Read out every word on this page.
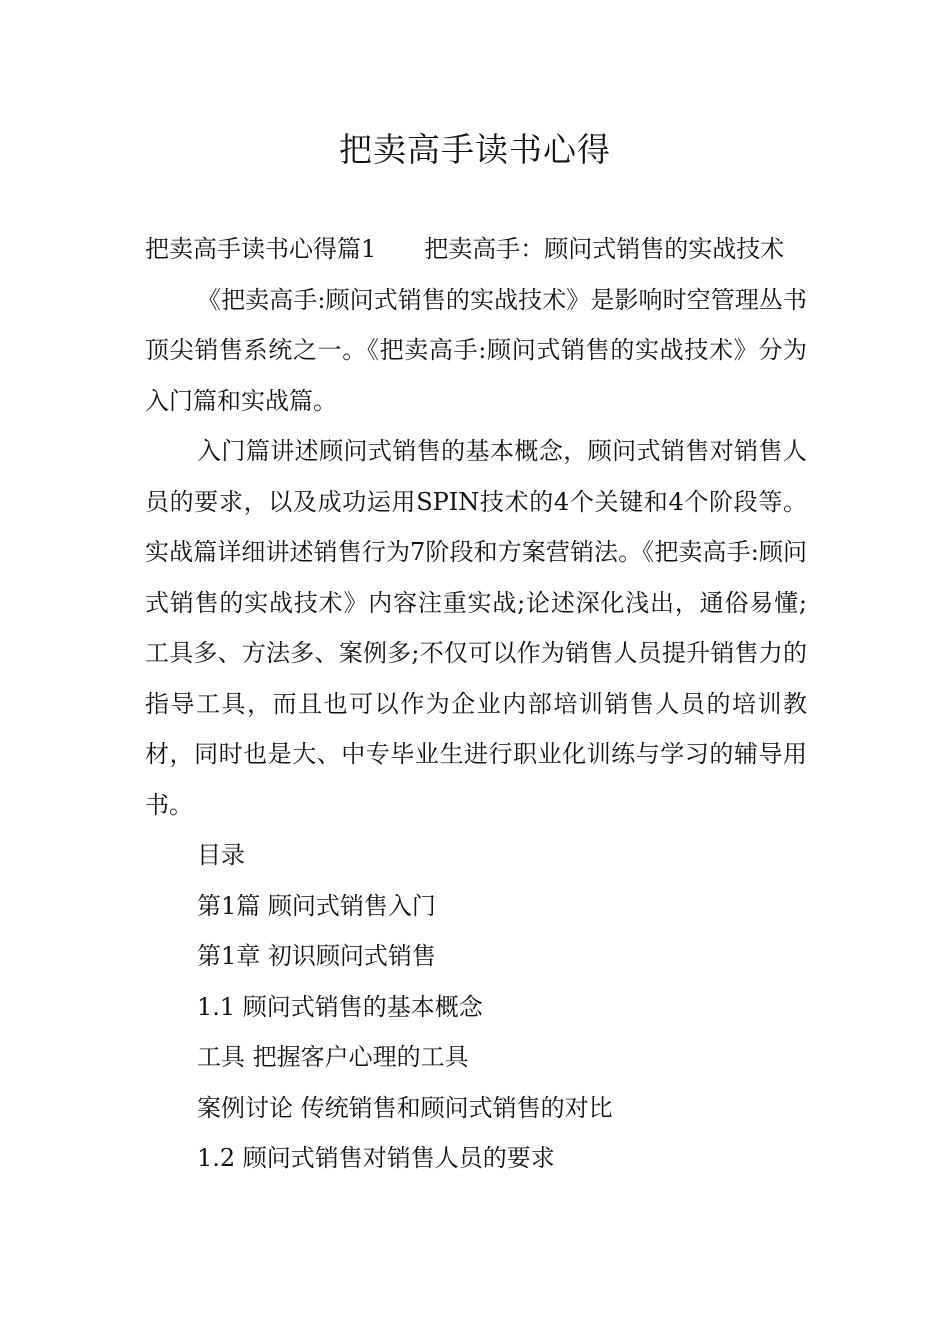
把卖高手读书心得

把卖高手读书心得篇1 把卖高手：顾问式销售的实战技术

《把卖高手:顾问式销售的实战技术》是影响时空管理丛书顶尖销售系统之一。《把卖高手:顾问式销售的实战技术》分为入门篇和实战篇。

入门篇讲述顾问式销售的基本概念，顾问式销售对销售人员的要求，以及成功运用SPIN技术的4个关键和4个阶段等。实战篇详细讲述销售行为7阶段和方案营销法。《把卖高手:顾问式销售的实战技术》内容注重实战;论述深化浅出，通俗易懂;工具多、方法多、案例多;不仅可以作为销售人员提升销售力的指导工具，而且也可以作为企业内部培训销售人员的培训教材，同时也是大、中专毕业生进行职业化训练与学习的辅导用书。

目录

第1篇 顾问式销售入门

第1章 初识顾问式销售

1.1 顾问式销售的基本概念

工具 把握客户心理的工具

案例讨论 传统销售和顾问式销售的对比

1.2 顾问式销售对销售人员的要求
